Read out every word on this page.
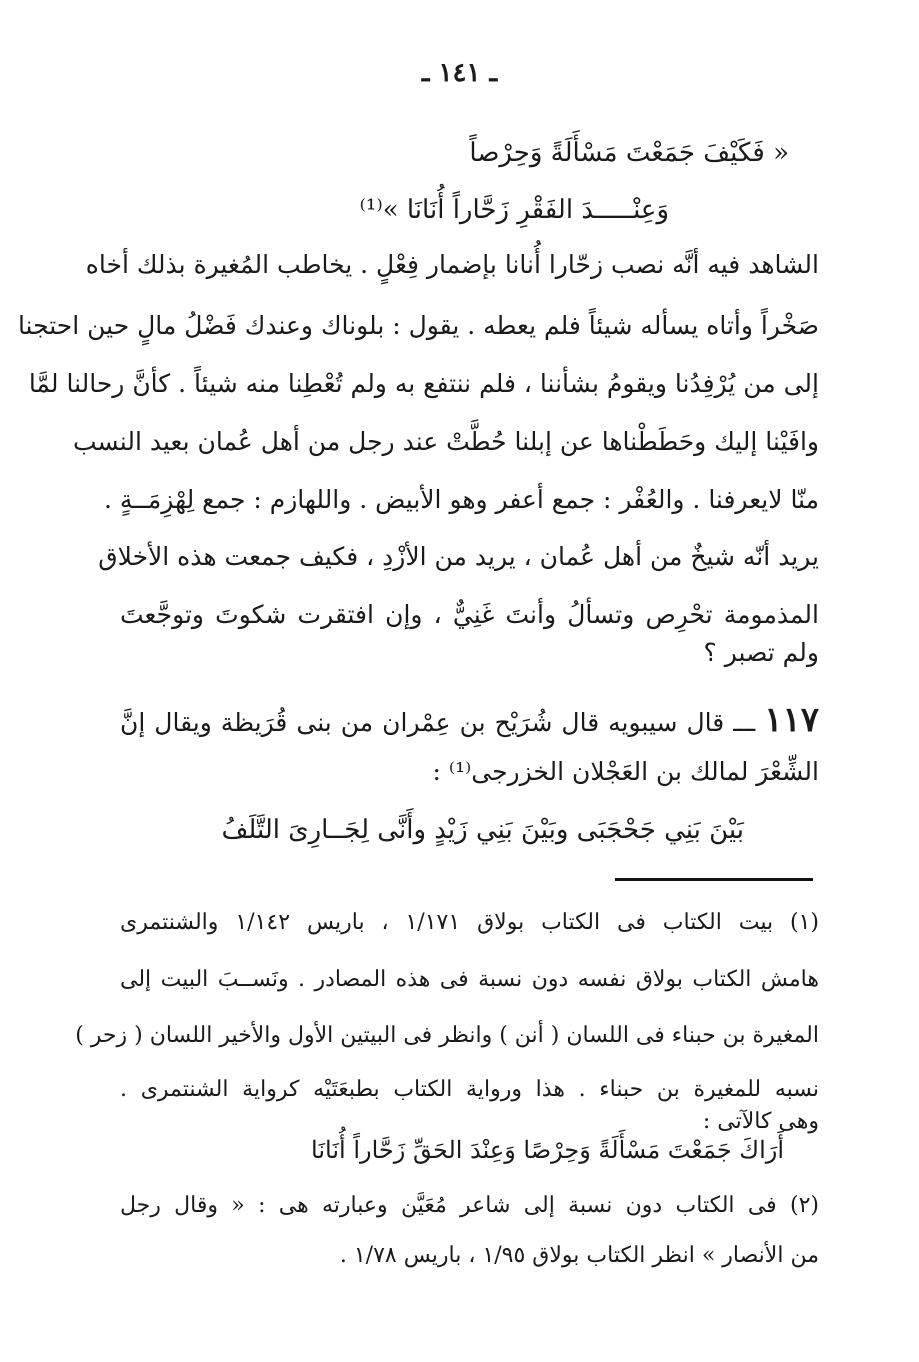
ـ ١٤١ ـ
« فَكَيْفَ جَمَعْتَ مَسْأَلَةً وَحِرْصاً
وَعِنْـــــدَ الفَقْرِ زَحَّاراً أُنَانَا »⁽¹⁾
الشاهد فيه أنَّه نصب زحّارا أُنانا بإضمار فِعْلٍ . يخاطب المُغيرة بذلك أخاه
صَخْراً وأتاه يسأله شيئاً فلم يعطه . يقول : بلوناك وعندك فَضْلُ مالٍ حين احتجنا
إلى من يُرْفِدُنا ويقومُ بشأننا ، فلم ننتفع به ولم تُعْطِنا منه شيئاً . كأنَّ رحالنا لمَّا
وافَيْنا إليك وحَطَطْناها عن إبلنا حُطَّتْ عند رجل من أهل عُمان بعيد النسب
منّا لايعرفنا . والعُفْر : جمع أعفر وهو الأبيض . واللهازم : جمع لِهْزِمَــةٍ .
يريد أنّه شيخٌ من أهل عُمان ، يريد من الأزْدِ ، فكيف جمعت هذه الأخلاق
المذمومة تحْرِص وتسألُ وأنتَ غَنِيٌّ ، وإن افتقرت شكوتَ وتوجَّعتَ
ولم تصبر ؟
١١٧ ـــ قال سيبويه قال شُرَيْح بن عِمْران من بنى قُرَيظة ويقال إنَّ
الشِّعْرَ لمالك بن العَجْلان الخزرجى⁽¹⁾ :
بَيْنَ بَنِي جَحْجَبَى وبَيْنَ بَنِي زَيْدٍ وأَنَّى لِجَــارِىَ التَّلَفُ
(١) بيت الكتاب فى الكتاب بولاق ١/١٧١ ، باريس ١/١٤٢ والشنتمرى
هامش الكتاب بولاق نفسه دون نسبة فى هذه المصادر . ونَســبَ البيت إلى
المغيرة بن حبناء فى اللسان ( أنن ) وانظر فى البيتين الأول والأخير اللسان ( زحر )
نسبه للمغيرة بن حبناء . هذا ورواية الكتاب بطبعَتَيْه كرواية الشنتمرى .
وهى كالآتى :
أَرَاكَ جَمَعْتَ مَسْأَلَةً وَحِرْصًا وَعِنْدَ الحَقِّ زَحَّاراً أُنَانَا
(٢) فى الكتاب دون نسبة إلى شاعر مُعَيَّن وعبارته هى : « وقال رجل
من الأنصار » انظر الكتاب بولاق ١/٩٥ ، باريس ١/٧٨ .
